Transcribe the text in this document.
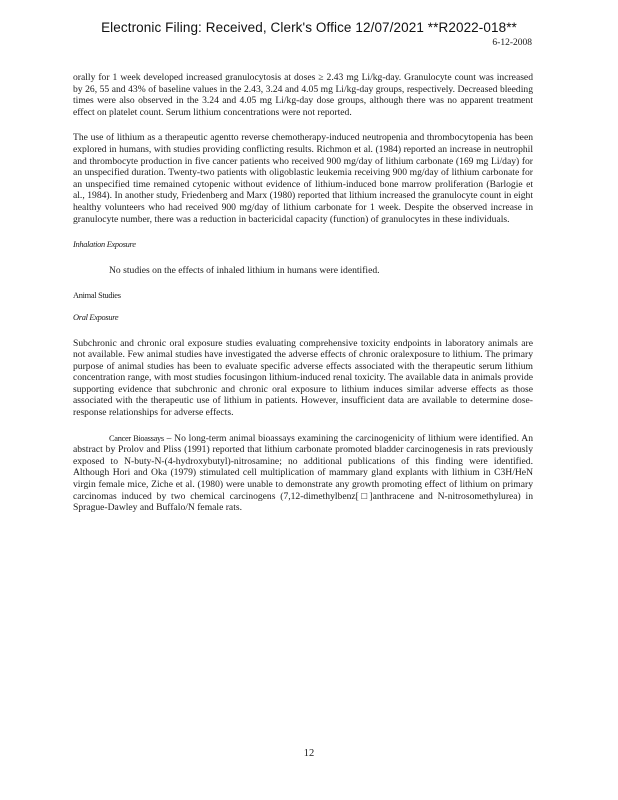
Electronic Filing: Received, Clerk's Office 12/07/2021 **R2022-018**
6-12-2008

orally for 1 week developed increased granulocytosis at doses ≥ 2.43 mg Li/kg-day. Granulocyte count was increased by 26, 55 and 43% of baseline values in the 2.43, 3.24 and 4.05 mg Li/kg-day groups, respectively. Decreased bleeding times were also observed in the 3.24 and 4.05 mg Li/kg-day dose groups, although there was no apparent treatment effect on platelet count. Serum lithium concentrations were not reported.

The use of lithium as a therapeutic agentto reverse chemotherapy-induced neutropenia and thrombocytopenia has been explored in humans, with studies providing conflicting results. Richmon et al. (1984) reported an increase in neutrophil and thrombocyte production in five cancer patients who received 900 mg/day of lithium carbonate (169 mg Li/day) for an unspecified duration. Twenty-two patients with oligoblastic leukemia receiving 900 mg/day of lithium carbonate for an unspecified time remained cytopenic without evidence of lithium-induced bone marrow proliferation (Barlogie et al., 1984). In another study, Friedenberg and Marx (1980) reported that lithium increased the granulocyte count in eight healthy volunteers who had received 900 mg/day of lithium carbonate for 1 week. Despite the observed increase in granulocyte number, there was a reduction in bactericidal capacity (function) of granulocytes in these individuals.

Inhalation Exposure

No studies on the effects of inhaled lithium in humans were identified.

Animal Studies

Oral Exposure

Subchronic and chronic oral exposure studies evaluating comprehensive toxicity endpoints in laboratory animals are not available. Few animal studies have investigated the adverse effects of chronic oralexposure to lithium. The primary purpose of animal studies has been to evaluate specific adverse effects associated with the therapeutic serum lithium concentration range, with most studies focusingon lithium-induced renal toxicity. The available data in animals provide supporting evidence that subchronic and chronic oral exposure to lithium induces similar adverse effects as those associated with the therapeutic use of lithium in patients. However, insufficient data are available to determine dose-response relationships for adverse effects.

Cancer Bioassays – No long-term animal bioassays examining the carcinogenicity of lithium were identified. An abstract by Prolov and Pliss (1991) reported that lithium carbonate promoted bladder carcinogenesis in rats previously exposed to N-buty-N-(4-hydroxybutyl)-nitrosamine; no additional publications of this finding were identified. Although Hori and Oka (1979) stimulated cell multiplication of mammary gland explants with lithium in C3H/HeN virgin female mice, Ziche et al. (1980) were unable to demonstrate any growth promoting effect of lithium on primary carcinomas induced by two chemical carcinogens (7,12-dimethylbenz[□]anthracene and N-nitrosomethylurea) in Sprague-Dawley and Buffalo/N female rats.

12
